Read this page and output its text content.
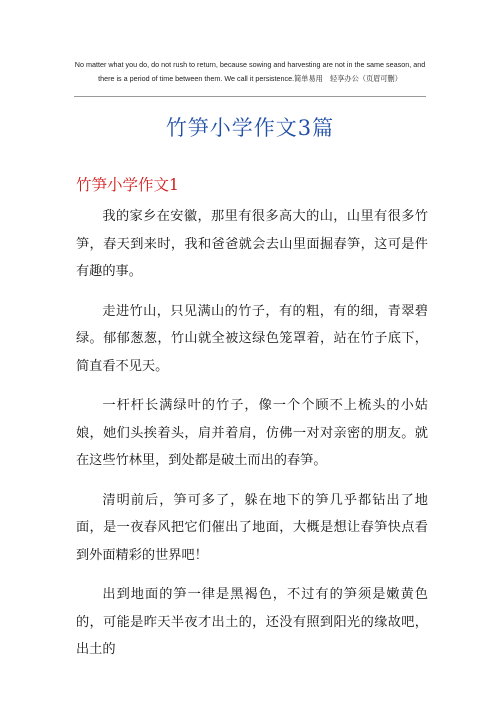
No matter what you do, do not rush to return, because sowing and harvesting are not in the same season, and there is a period of time between them. We call it persistence.简单易用　轻享办公（页眉可删）
竹笋小学作文3篇
竹笋小学作文1

我的家乡在安徽，那里有很多高大的山，山里有很多竹笋，春天到来时，我和爸爸就会去山里面掘春笋，这可是件有趣的事。

走进竹山，只见满山的竹子，有的粗，有的细，青翠碧绿。郁郁葱葱，竹山就全被这绿色笼罩着，站在竹子底下，简直看不见天。

一杆杆长满绿叶的竹子，像一个个顾不上梳头的小姑娘，她们头挨着头，肩并着肩，仿佛一对对亲密的朋友。就在这些竹林里，到处都是破土而出的春笋。

清明前后，笋可多了，躲在地下的笋几乎都钻出了地面，是一夜春风把它们催出了地面，大概是想让春笋快点看到外面精彩的世界吧！

出到地面的笋一律是黑褐色，不过有的笋须是嫩黄色的，可能是昨天半夜才出土的，还没有照到阳光的缘故吧，出土的
